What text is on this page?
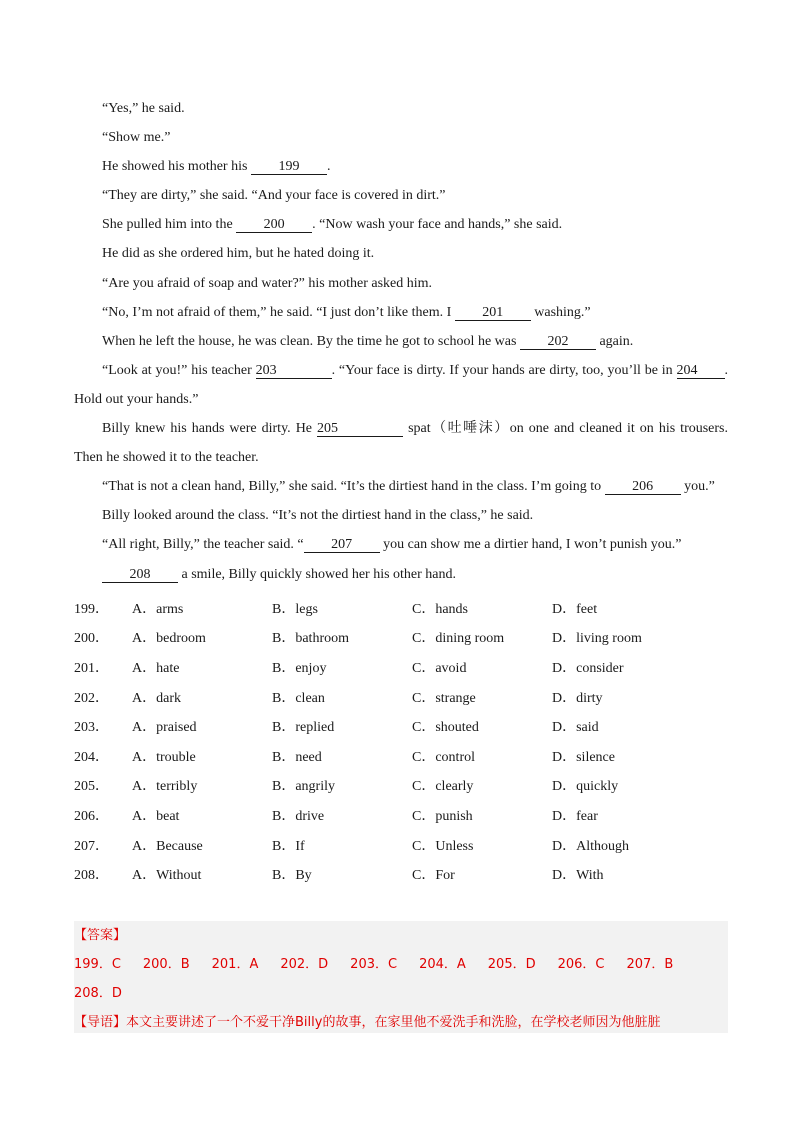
“Yes,” he said.

“Show me.”

He showed his mother his 199 .

“They are dirty,” she said. “And your face is covered in dirt.”

She pulled him into the 200 . “Now wash your face and hands,” she said.

He did as she ordered him, but he hated doing it.

“Are you afraid of soap and water?” his mother asked him.

“No, I’m not afraid of them,” he said. “I just don’t like them. I 201 washing.”

When he left the house, he was clean. By the time he got to school he was 202 again.

“Look at you!” his teacher 203	. “Your face is dirty. If your hands are dirty, too, you’ll be in 204 . Hold out your hands.”

Billy knew his hands were dirty. He 205	spat（吐唾沫）on one and cleaned it on his trousers. Then he showed it to the teacher.

“That is not a clean hand, Billy,” she said. “It’s the dirtiest hand in the class. I’m going to 206 you.”

Billy looked around the class. “It’s not the dirtiest hand in the class,” he said.

“All right, Billy,” the teacher said. “ 207 you can show me a dirtier hand, I won’t punish you.”

208 a smile, Billy quickly showed her his other hand.

199．	A．arms	B．legs	C．hands	D．feet
200．	A．bedroom	B．bathroom	C．dining room	D．living room
201．	A．hate	B．enjoy	C．avoid	D．consider
202．	A．dark	B．clean	C．strange	D．dirty
203．	A．praised	B．replied	C．shouted	D．said
204．	A．trouble	B．need	C．control	D．silence
205．	A．terribly	B．angrily	C．clearly	D．quickly
206．	A．beat	B．drive	C．punish	D．fear
207．	A．Because	B．If	C．Unless	D．Although
208．	A．Without	B．By	C．For	D．With
【答案】
199．C 200．B 201．A 202．D 203．C 204．A 205．D 206．C 207．B
208．D
【导语】本文主要讲述了一个不爱干净Billy的故事，在家里他不爱洗手和洗脸，在学校老师因为他脏脏
